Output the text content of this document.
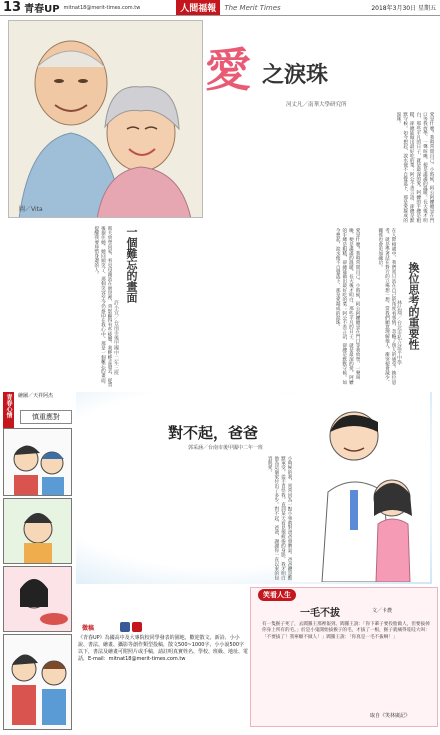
13 青春UP mitnat18@merit-times.com.tw	人間福報	The Merit Times	2018年3月30日 星期五
圖／Vita
愛 之淚珠
河丈凡／南華大學研究所
愛是什麼？我時常問自己。小時候，阿公阿嬤總是在門口等我放學，一聲叫喚，便是滿滿的溫暖。長大後才明白，那些平凡的日子，就是最深的愛。阿嬤的手總是粗糙，卻總能做出最好吃的菜；阿公不善言語，卻總是默默守候。如今想起，淚水便不自覺落下，那是愛凝成的淚珠。
愛是什麼？我時常問自己。小時候，阿公阿嬤總是在門口等我放學，一聲叫喚，便是滿滿的溫暖。長大後才明白，那些平凡的日子，就是最深的愛。阿嬤的手總是粗糙，卻總能做出最好吃的菜；阿公不善言語，卻總是默默守候。如今想起，淚水便不自覺落下，那是愛凝成的淚珠。	換位思考的重要性
林弘翔／台北市私立延平中學
在人際相處中，我們常只站在自己的角度看事情，忽略了別人的感受。換位思考，就是學著站在對方的立場想一想。當我們願意理解他人，衝突便會減少，關係也會更加融洽。
一個難忘的畫面
許小宜／台南市後甲國中二年三班
那天放學回家，看見母親站在廚房裡，背影顯得有些疲憊。我輕輕走過去，從背後抱住她，她回頭笑了，那個笑容至今仍烙印在我心中。那是一個難忘的畫面，提醒我要珍惜身邊的人。
青春心情	繪圖／天祥阿杰
慎重應對
對不起，爸爸
郭采涵／台南市後甲國中二年一班
小時候的我，常常因為一點小事就對爸爸發脾氣。爸爸總是默默承受，從不責怪我。直到某天看見他疲倦的身影，我才明白他為這個家付出了多少。對不起，爸爸，謝謝你一直以來的包容與愛。
徵稿
《青春UP》為國高中及大專院校同學發表的園地，歡迎散文、新詩、小小說、書法、繪畫、攝影等創作類型投稿，散文500~1000字、小小說500字以下，書法及繪畫可附照片或手稿，請註明真實姓名、學校、班級、地址、電話，E-mail：mitnat18@merit-times.com.tw
笑看人生
一毛不拔	文／卡農
有一隻猴子死了，去閻羅王那裡報到。閻羅王說：「你下輩子要投胎做人，但要拔掉你身上所有的毛。」於是小鬼開始拔猴子的毛，才拔了一根，猴子就痛得哇哇大叫：「不要拔了！我寧願不做人！」閻羅王說：「你真是一毛不拔啊！」
取自《笑林廣記》
